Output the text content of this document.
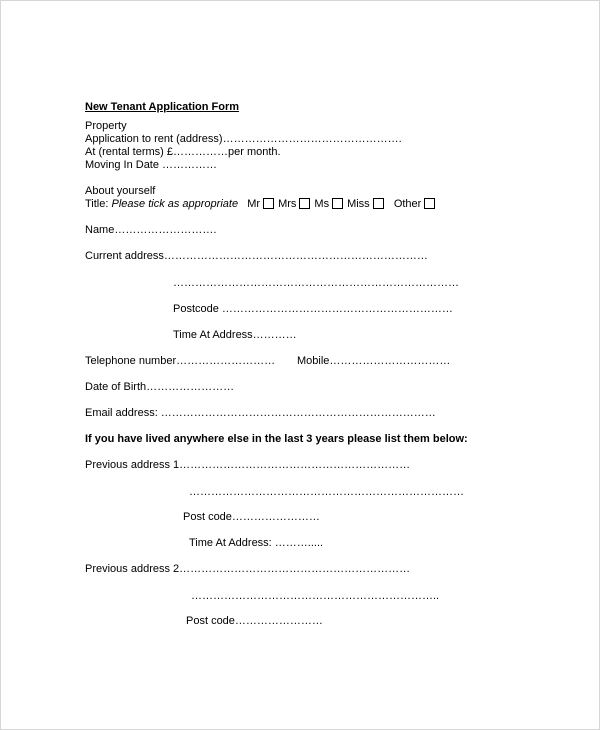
New Tenant Application Form
Property
Application to rent (address)………………………………………….
At (rental terms) £……………per month.
Moving In Date ……………
About yourself
Title: Please tick as appropriate Mr Mrs Ms Miss Other
Name……………………….
Current address………………………………………………………………
……………………………………………………………………
Postcode ………………………………………………………
Time At Address…………
Telephone number……………………… Mobile……………………………
Date of Birth……………………
Email address: …………………………………………………………………
If you have lived anywhere else in the last 3 years please list them below:
Previous address 1………………………………………………………
…………………………………………………………………
Post code……………………
Time At Address: ……….....
Previous address 2………………………………………………………
…………………………………………………………..
Post code……………………
